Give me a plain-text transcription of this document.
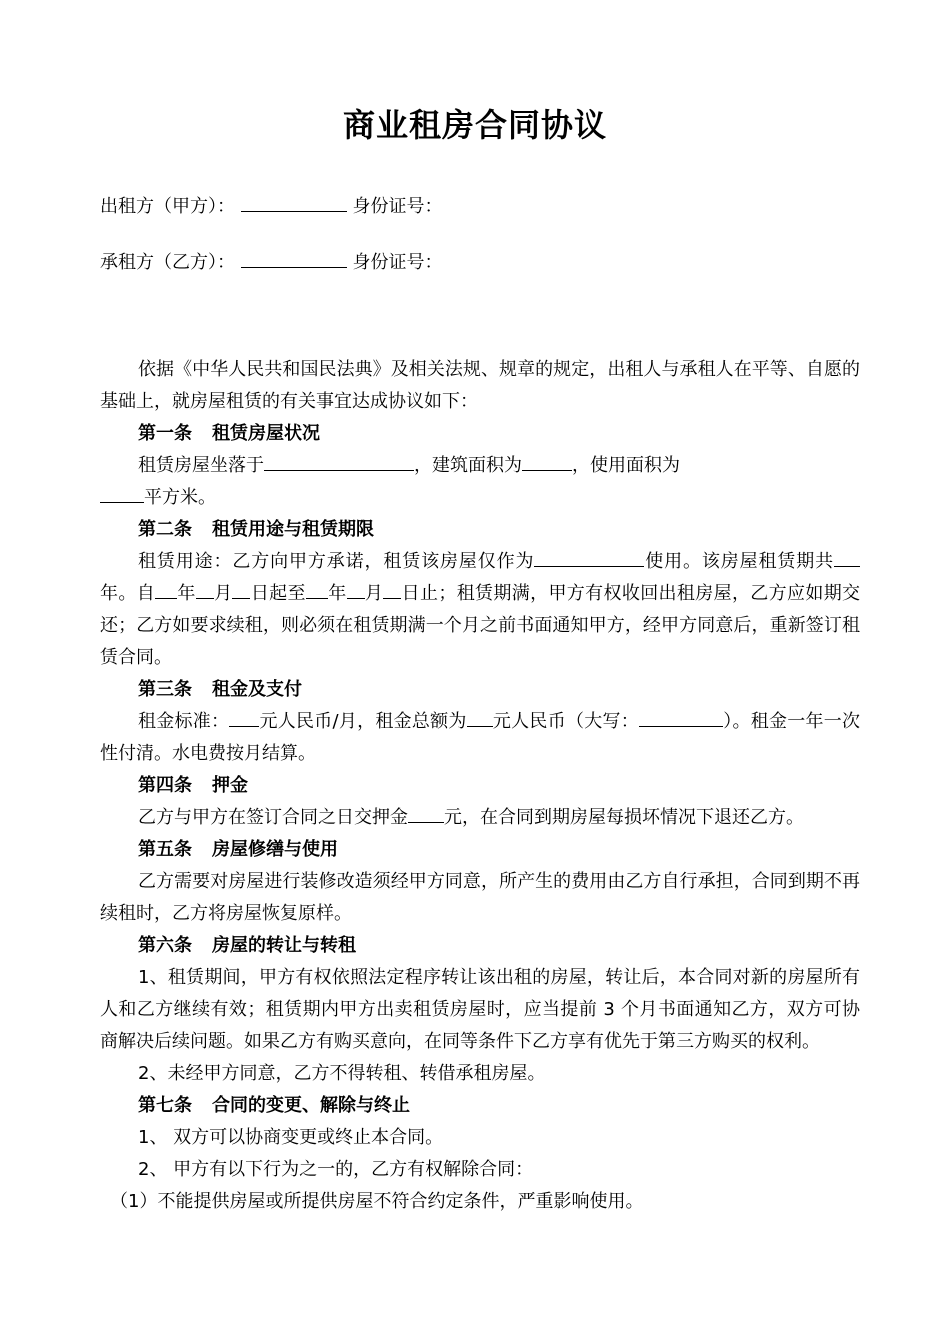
商业租房合同协议
出租方（甲方）：	身份证号：
承租方（乙方）：	身份证号：

依据《中华人民共和国民法典》及相关法规、规章的规定，出租人与承租人在平等、自愿的基础上，就房屋租赁的有关事宜达成协议如下：

第一条 租赁房屋状况

租赁房屋坐落于	，建筑面积为	，使用面积为
平方米。

第二条 租赁用途与租赁期限

租赁用途：乙方向甲方承诺，租赁该房屋仅作为	使用。该房屋租赁期共年。自 年 月 日起至 年 月 日止；租赁期满，甲方有权收回出租房屋，乙方应如期交还；乙方如要求续租，则必须在租赁期满一个月之前书面通知甲方，经甲方同意后，重新签订租赁合同。

第三条 租金及支付

租金标准： 元人民币/月，租金总额为 元人民币（大写：	）。租金一年一次性付清。水电费按月结算。

第四条 押金

乙方与甲方在签订合同之日交押金 元，在合同到期房屋每损坏情况下退还乙方。

第五条 房屋修缮与使用

乙方需要对房屋进行装修改造须经甲方同意，所产生的费用由乙方自行承担，合同到期不再续租时，乙方将房屋恢复原样。

第六条 房屋的转让与转租

1、租赁期间，甲方有权依照法定程序转让该出租的房屋，转让后，本合同对新的房屋所有人和乙方继续有效；租赁期内甲方出卖租赁房屋时，应当提前 3 个月书面通知乙方，双方可协商解决后续问题。如果乙方有购买意向，在同等条件下乙方享有优先于第三方购买的权利。

2、未经甲方同意，乙方不得转租、转借承租房屋。

第七条 合同的变更、解除与终止

1、 双方可以协商变更或终止本合同。

2、 甲方有以下行为之一的，乙方有权解除合同：

（1）不能提供房屋或所提供房屋不符合约定条件，严重影响使用。
